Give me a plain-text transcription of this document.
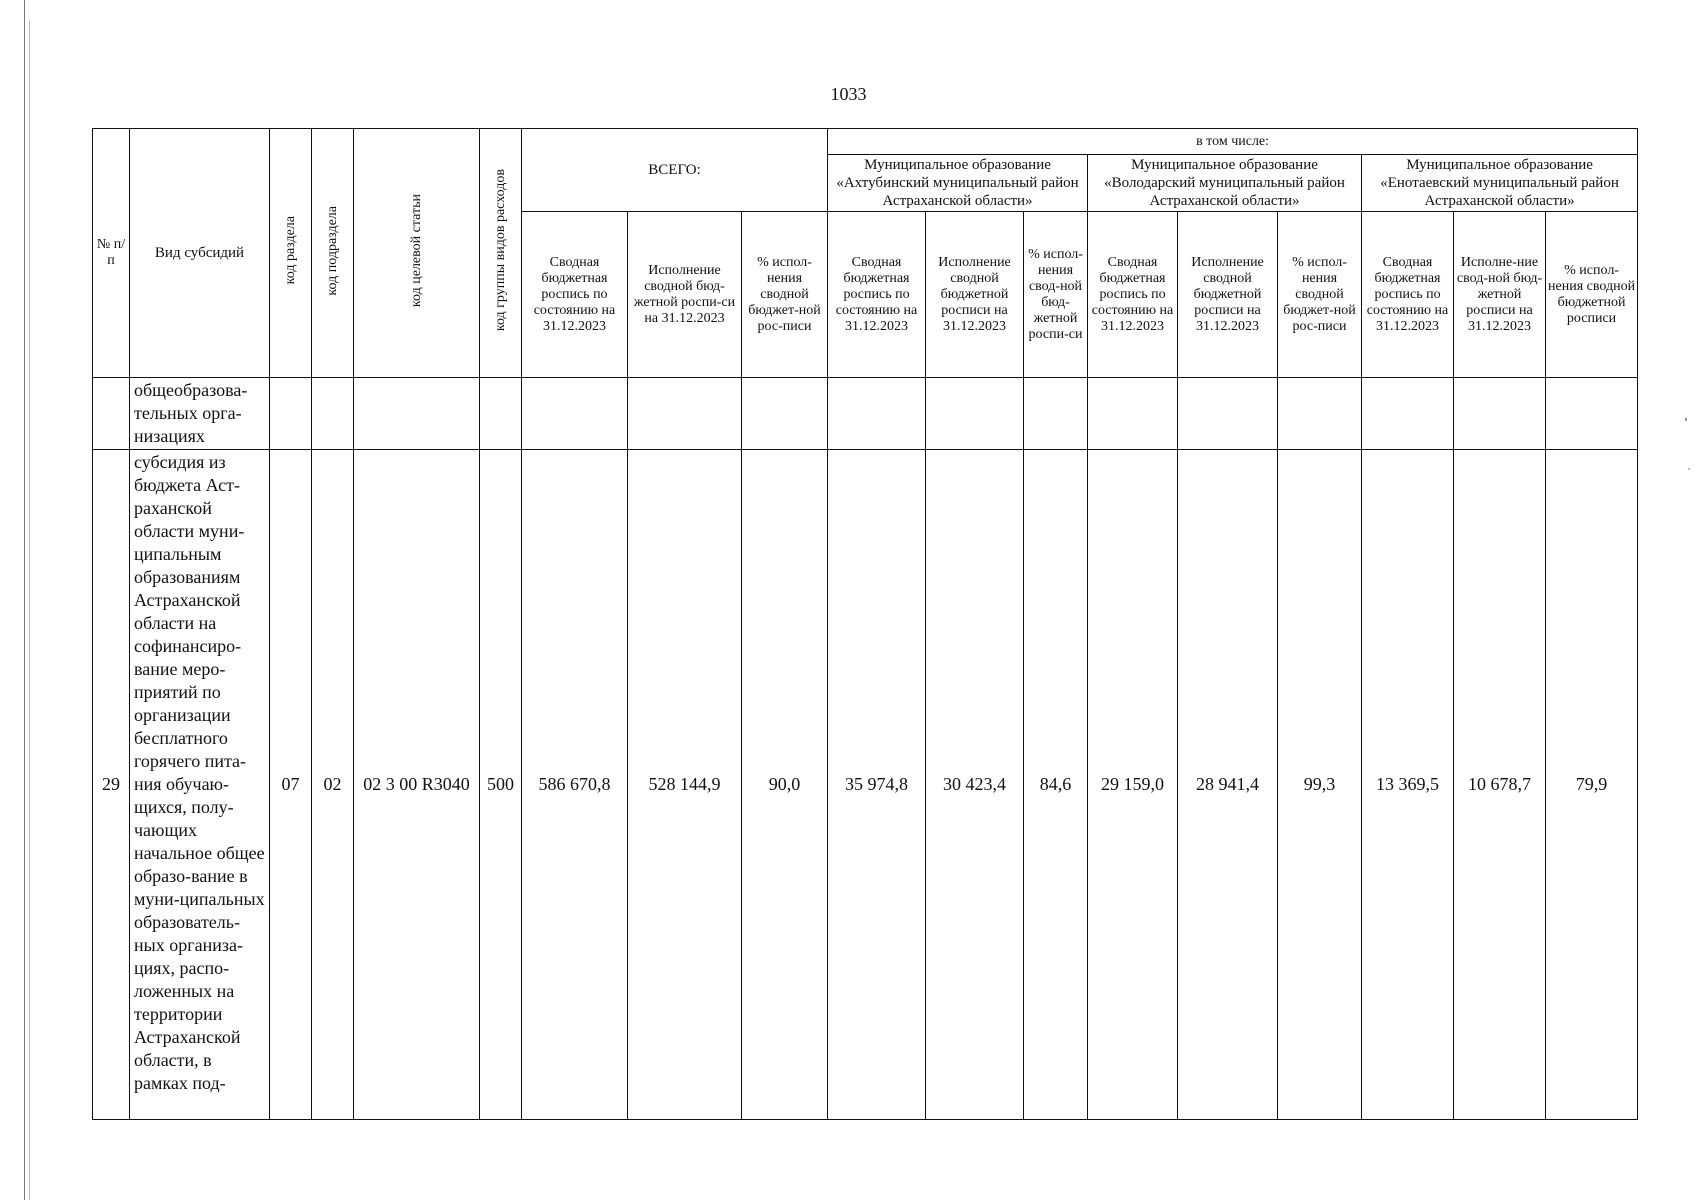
1033
№ п/п	Вид субсидий	код раздела	код подраздела	код целевой статьи	код группы видов расходов	ВСЕГО:			в том числе:								
									Муниципальное образование «Ахтубинский муниципальный район Астраханской области»			Муниципальное образование «Володарский муниципальный район Астраханской области»			Муниципальное образование «Енотаевский муниципальный район Астраханской области»		
						Сводная бюджетная роспись по состоянию на 31.12.2023	Исполнение сводной бюд-жетной роспи-си на 31.12.2023	% испол-нения сводной бюджет-ной рос-писи	Сводная бюджетная роспись по состоянию на 31.12.2023	Исполнение сводной бюджетной росписи на 31.12.2023	% испол-нения свод-ной бюд-жетной роспи-си	Сводная бюджетная роспись по состоянию на 31.12.2023	Исполнение сводной бюджетной росписи на 31.12.2023	% испол-нения сводной бюджет-ной рос-писи	Сводная бюджетная роспись по состоянию на 31.12.2023	Исполне-ние свод-ной бюд-жетной росписи на 31.12.2023	% испол-нения сводной бюджетной росписи
	общеобразова-тельных орга-низациях																
29	субсидия из бюджета Аст-раханской области муни-ципальным образованиям Астраханской области на софинансиро-вание меро-приятий по организации бесплатного горячего пита-ния обучаю-щихся, полу-чающих начальное общее образо-вание в муни-ципальных образователь-ных организа-циях, распо-ложенных на территории Астраханской области, в рамках под-	07	02	02 3 00 R3040	500	586 670,8	528 144,9	90,0	35 974,8	30 423,4	84,6	29 159,0	28 941,4	99,3	13 369,5	10 678,7	79,9
